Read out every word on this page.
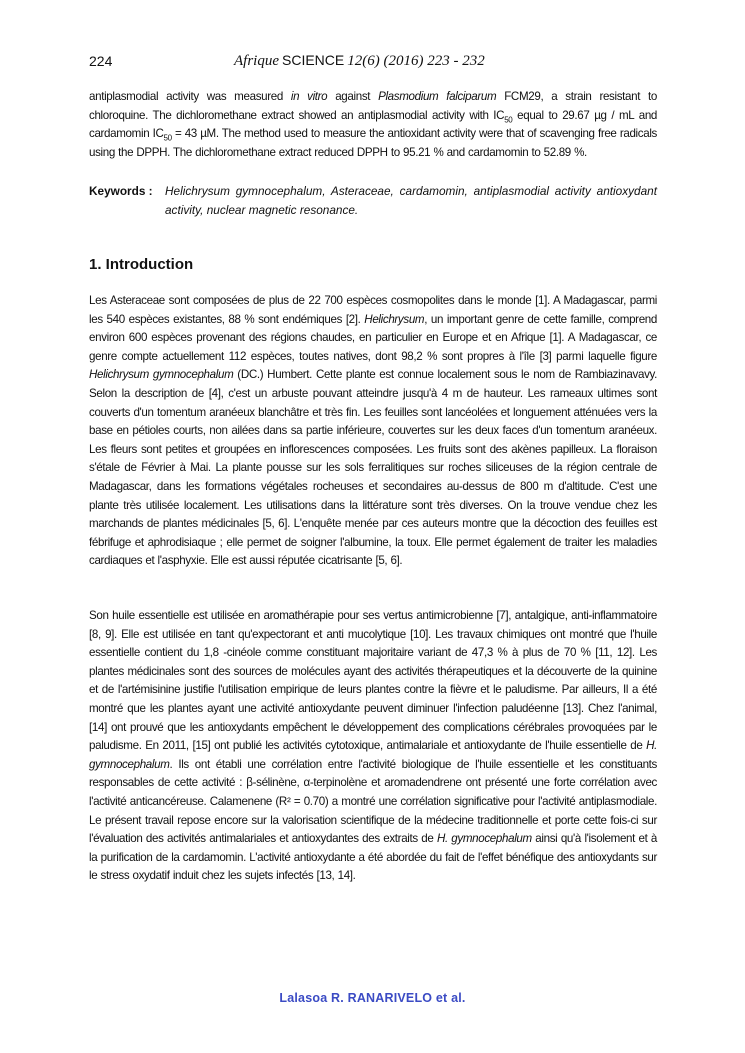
224	Afrique SCIENCE 12(6) (2016) 223 - 232

antiplasmodial activity was measured in vitro against Plasmodium falciparum FCM29, a strain resistant to chloroquine. The dichloromethane extract showed an antiplasmodial activity with $IC_{50}$ equal to 29.67 µg / mL and cardamomin $IC_{50} = 43$ µM. The method used to measure the antioxidant activity were that of scavenging free radicals using the DPPH. The dichloromethane extract reduced DPPH to 95.21 % and cardamomin to 52.89 %.

Keywords :	Helichrysum gymnocephalum, Asteraceae, cardamomin, antiplasmodial activity antioxydant activity, nuclear magnetic resonance.
1. Introduction

Les Asteraceae sont composées de plus de 22 700 espèces cosmopolites dans le monde [1]. A Madagascar, parmi les 540 espèces existantes, 88 % sont endémiques [2]. Helichrysum, un important genre de cette famille, comprend environ 600 espèces provenant des régions chaudes, en particulier en Europe et en Afrique [1]. A Madagascar, ce genre compte actuellement 112 espèces, toutes natives, dont 98,2 % sont propres à l'île [3] parmi laquelle figure Helichrysum gymnocephalum (DC.) Humbert. Cette plante est connue localement sous le nom de Rambiazinavavy. Selon la description de [4], c'est un arbuste pouvant atteindre jusqu'à 4 m de hauteur. Les rameaux ultimes sont couverts d'un tomentum aranéeux blanchâtre et très fin. Les feuilles sont lancéolées et longuement atténuées vers la base en pétioles courts, non ailées dans sa partie inférieure, couvertes sur les deux faces d'un tomentum aranéeux. Les fleurs sont petites et groupées en inflorescences composées. Les fruits sont des akènes papilleux. La floraison s'étale de Février à Mai. La plante pousse sur les sols ferralitiques sur roches siliceuses de la région centrale de Madagascar, dans les formations végétales rocheuses et secondaires au-dessus de 800 m d'altitude. C'est une plante très utilisée localement. Les utilisations dans la littérature sont très diverses. On la trouve vendue chez les marchands de plantes médicinales [5, 6]. L'enquête menée par ces auteurs montre que la décoction des feuilles est fébrifuge et aphrodisiaque ; elle permet de soigner l'albumine, la toux. Elle permet également de traiter les maladies cardiaques et l'asphyxie. Elle est aussi réputée cicatrisante [5, 6].

Son huile essentielle est utilisée en aromathérapie pour ses vertus antimicrobienne [7], antalgique, anti-inflammatoire [8, 9]. Elle est utilisée en tant qu'expectorant et anti mucolytique [10]. Les travaux chimiques ont montré que l'huile essentielle contient du 1,8 -cinéole comme constituant majoritaire variant de 47,3 % à plus de 70 % [11, 12]. Les plantes médicinales sont des sources de molécules ayant des activités thérapeutiques et la découverte de la quinine et de l'artémisinine justifie l'utilisation empirique de leurs plantes contre la fièvre et le paludisme. Par ailleurs, Il a été montré que les plantes ayant une activité antioxydante peuvent diminuer l'infection paludéenne [13]. Chez l'animal, [14] ont prouvé que les antioxydants empêchent le développement des complications cérébrales provoquées par le paludisme. En 2011, [15] ont publié les activités cytotoxique, antimalariale et antioxydante de l'huile essentielle de H. gymnocephalum. Ils ont établi une corrélation entre l'activité biologique de l'huile essentielle et les constituants responsables de cette activité : β-sélinène, α-terpinolène et aromadendrene ont présenté une forte corrélation avec l'activité anticancéreuse. Calamenene (R² = 0.70) a montré une corrélation significative pour l'activité antiplasmodiale. Le présent travail repose encore sur la valorisation scientifique de la médecine traditionnelle et porte cette fois-ci sur l'évaluation des activités antimalariales et antioxydantes des extraits de H. gymnocephalum ainsi qu'à l'isolement et à la purification de la cardamomin. L'activité antioxydante a été abordée du fait de l'effet bénéfique des antioxydants sur le stress oxydatif induit chez les sujets infectés [13, 14].

Lalasoa R. RANARIVELO et al.
